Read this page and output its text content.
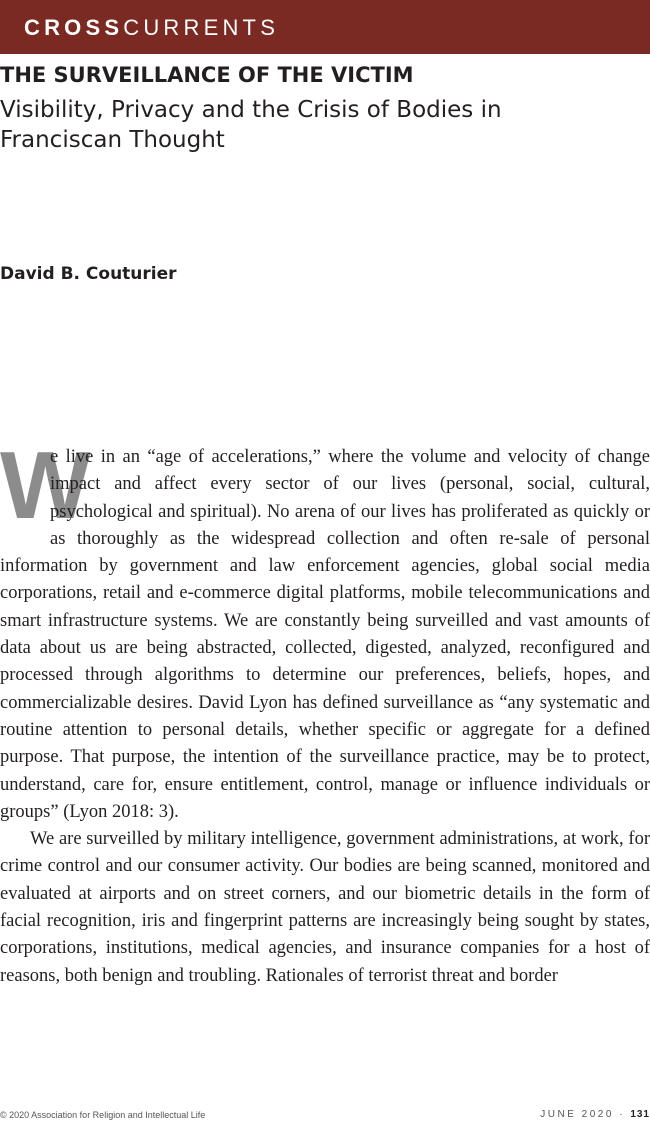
CROSSCURRENTS
THE SURVEILLANCE OF THE VICTIM
Visibility, Privacy and the Crisis of Bodies in Franciscan Thought
David B. Couturier

W
e live in an “age of accelerations,” where the volume and velocity of change impact and affect every sector of our lives (personal, social, cultural, psychological and spiritual). No arena of our lives has proliferated as quickly or as thoroughly as the widespread collection and often re-sale of personal information by government and law enforcement agencies, global social media corporations, retail and e-commerce digital platforms, mobile telecommunications and smart infrastructure systems. We are constantly being surveilled and vast amounts of data about us are being abstracted, collected, digested, analyzed, reconfigured and processed through algorithms to determine our preferences, beliefs, hopes, and commercializable desires. David Lyon has defined surveillance as “any systematic and routine attention to personal details, whether specific or aggregate for a defined purpose. That purpose, the intention of the surveillance practice, may be to protect, understand, care for, ensure entitlement, control, manage or influence individuals or groups” (Lyon 2018: 3).

We are surveilled by military intelligence, government administrations, at work, for crime control and our consumer activity. Our bodies are being scanned, monitored and evaluated at airports and on street corners, and our biometric details in the form of facial recognition, iris and fingerprint patterns are increasingly being sought by states, corporations, institutions, medical agencies, and insurance companies for a host of reasons, both benign and troubling. Rationales of terrorist threat and border

© 2020 Association for Religion and Intellectual Life	JUNE 2020 · 131
